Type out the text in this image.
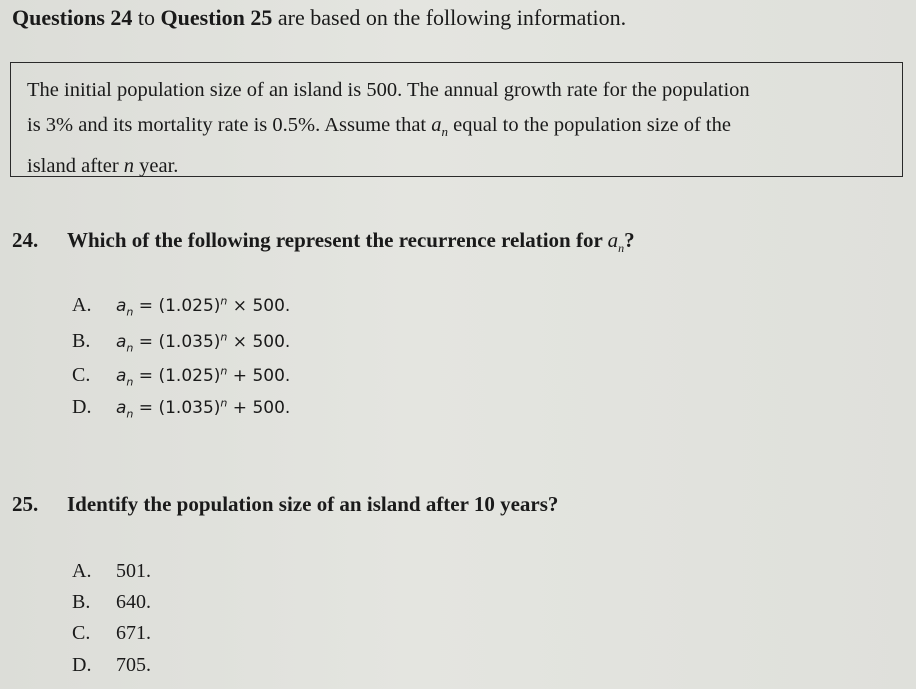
Questions 24 to Question 25 are based on the following information.
The initial population size of an island is 500. The annual growth rate for the population
is 3% and its mortality rate is 0.5%. Assume that $a_n$ equal to the population size of the
island after n year.
24. Which of the following represent the recurrence relation for $a_n$?
A. $a_n = (1.025)^n \times 500$.
B. $a_n = (1.035)^n \times 500$.
C. $a_n = (1.025)^n + 500$.
D. $a_n = (1.035)^n + 500$.
25. Identify the population size of an island after 10 years?
A. 501.
B. 640.
C. 671.
D. 705.
